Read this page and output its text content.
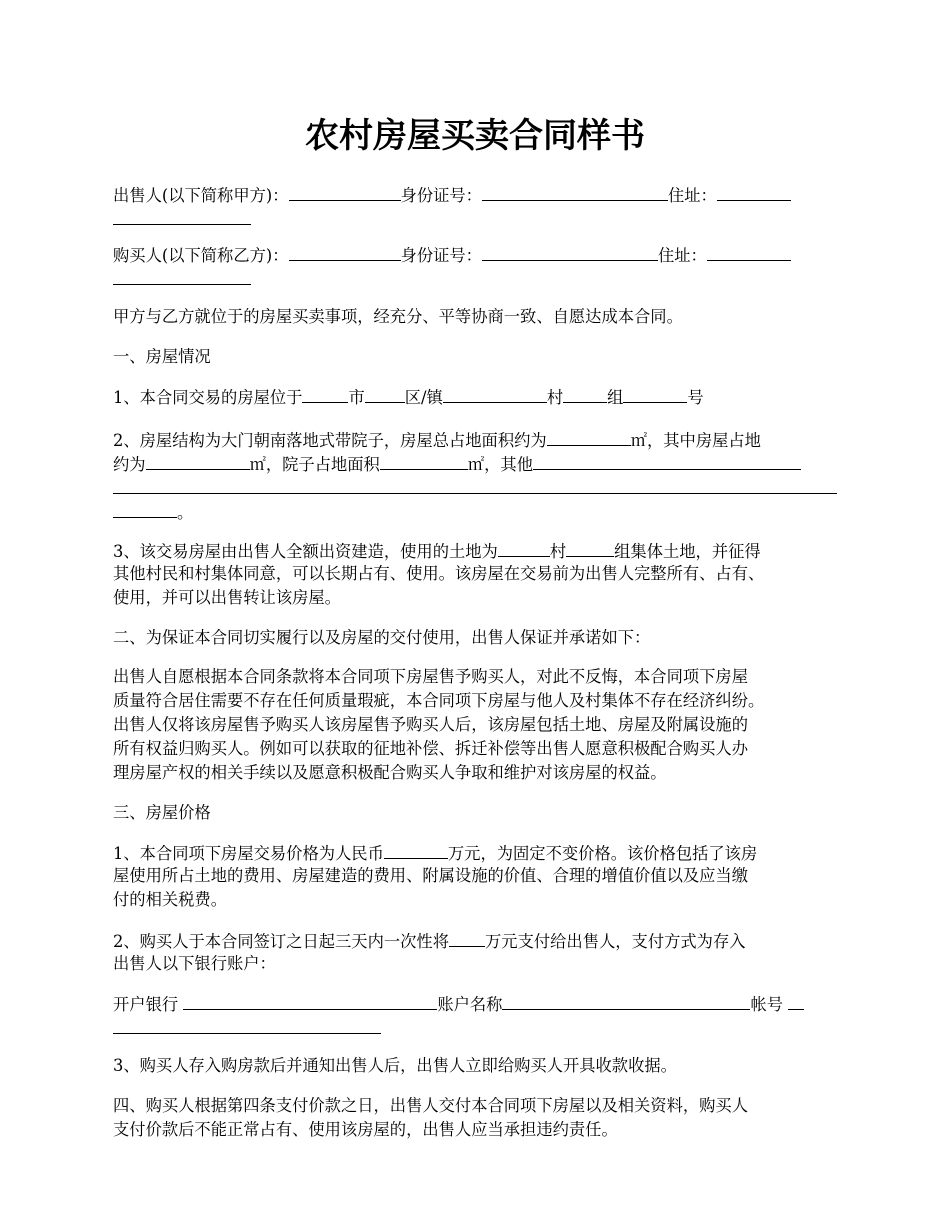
农村房屋买卖合同样书
出售人(以下简称甲方)：	身份证号：	住址：
购买人(以下简称乙方)：	身份证号：	住址：
甲方与乙方就位于的房屋买卖事项，经充分、平等协商一致、自愿达成本合同。
一、房屋情况
1、本合同交易的房屋位于	市 区/镇	村	组	号
2、房屋结构为大门朝南落地式带院子，房屋总占地面积约为	㎡，其中房屋占地
约为	㎡，院子占地面积	㎡，其他
。
3、该交易房屋由出售人全额出资建造，使用的土地为	村	组集体土地，并征得
其他村民和村集体同意，可以长期占有、使用。该房屋在交易前为出售人完整所有、占有、
使用，并可以出售转让该房屋。
二、为保证本合同切实履行以及房屋的交付使用，出售人保证并承诺如下：
出售人自愿根据本合同条款将本合同项下房屋售予购买人，对此不反悔，本合同项下房屋
质量符合居住需要不存在任何质量瑕疵，本合同项下房屋与他人及村集体不存在经济纠纷。
出售人仅将该房屋售予购买人该房屋售予购买人后，该房屋包括土地、房屋及附属设施的
所有权益归购买人。例如可以获取的征地补偿、拆迁补偿等出售人愿意积极配合购买人办
理房屋产权的相关手续以及愿意积极配合购买人争取和维护对该房屋的权益。
三、房屋价格
1、本合同项下房屋交易价格为人民币	万元，为固定不变价格。该价格包括了该房
屋使用所占土地的费用、房屋建造的费用、附属设施的价值、合理的增值价值以及应当缴
付的相关税费。
2、购买人于本合同签订之日起三天内一次性将 万元支付给出售人，支付方式为存入
出售人以下银行账户：
开户银行	账户名称	帐号
3、购买人存入购房款后并通知出售人后，出售人立即给购买人开具收款收据。
四、购买人根据第四条支付价款之日，出售人交付本合同项下房屋以及相关资料，购买人
支付价款后不能正常占有、使用该房屋的，出售人应当承担违约责任。
